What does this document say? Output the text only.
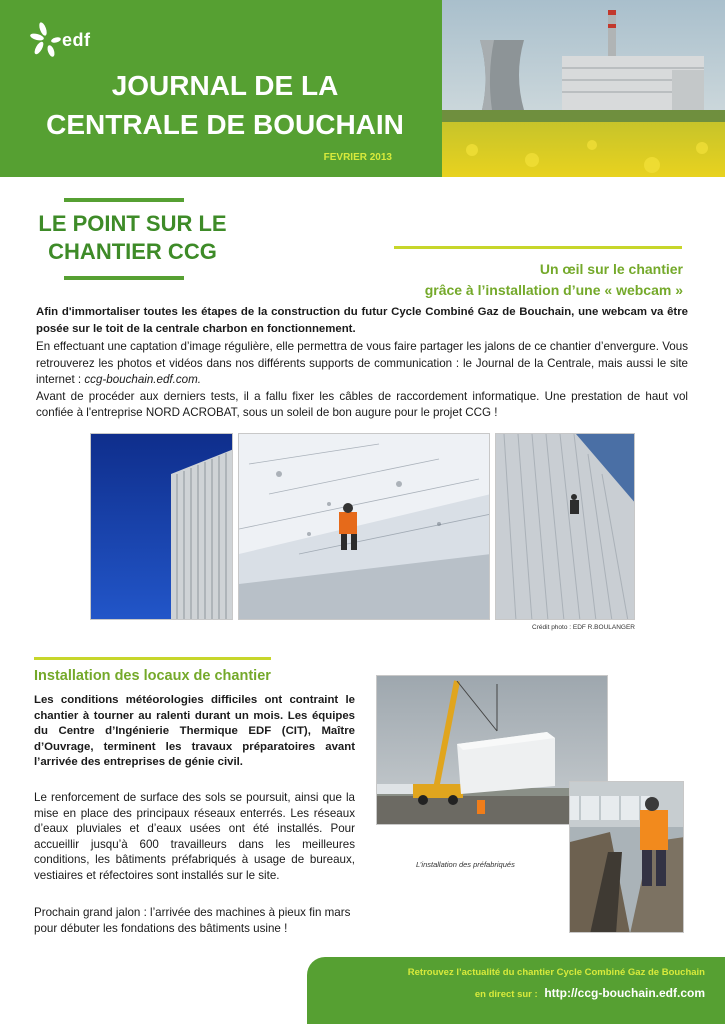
edf
JOURNAL DE LA
CENTRALE DE BOUCHAIN
FEVRIER 2013
LE POINT SUR LE
CHANTIER CCG
Un œil sur le chantier
grâce à l’installation d’une « webcam »
Afin d'immortaliser toutes les étapes de la construction du futur Cycle Combiné Gaz de Bouchain, une webcam va être posée sur le toit de la centrale charbon en fonctionnement.
En effectuant une captation d’image régulière, elle permettra de vous faire partager les jalons de ce chantier d’envergure. Vous retrouverez les photos et vidéos dans nos différents supports de communication : le Journal de la Centrale, mais aussi le site internet : ccg-bouchain.edf.com.
Avant de procéder aux derniers tests, il a fallu fixer les câbles de raccordement informatique. Une prestation de haut vol confiée à l'entreprise NORD ACROBAT, sous un soleil de bon augure pour le projet CCG !
Crédit photo : EDF R.BOULANGER
Installation des locaux de chantier
Les conditions météorologies difficiles ont contraint le chantier à tourner au ralenti durant un mois. Les équipes du Centre d’Ingénierie Thermique EDF (CIT), Maître d’Ouvrage, terminent les travaux préparatoires avant l’arrivée des entreprises de génie civil.
Le renforcement de surface des sols se poursuit, ainsi que la mise en place des principaux réseaux enterrés. Les réseaux d’eaux pluviales et d’eaux usées ont été installés. Pour accueillir jusqu’à 600 travailleurs dans les meilleures conditions, les bâtiments préfabriqués à usage de bureaux, vestiaires et réfectoires sont installés sur le site.
Prochain grand jalon : l’arrivée des machines à pieux fin mars pour débuter les fondations des bâtiments usine !
L’installation des préfabriqués
Retrouvez l’actualité du chantier Cycle Combiné Gaz de Bouchain
en direct sur : http://ccg-bouchain.edf.com
